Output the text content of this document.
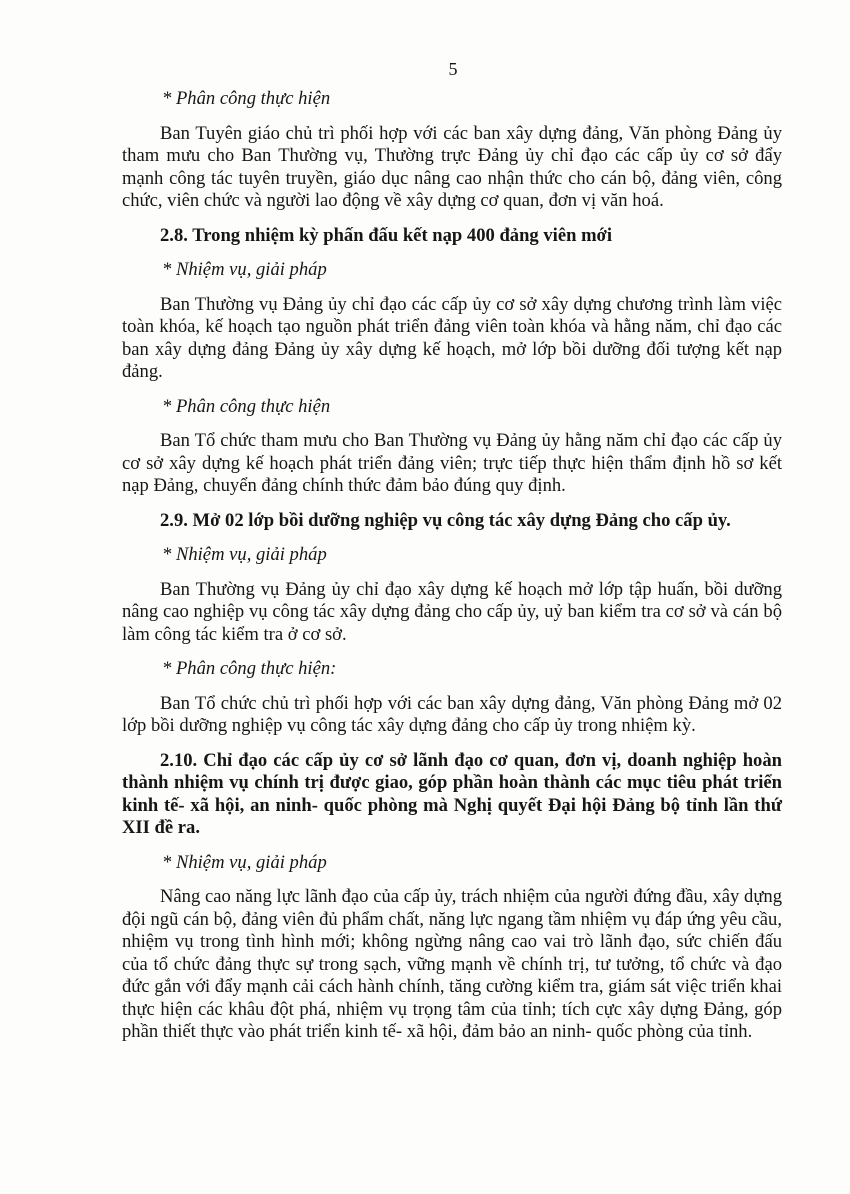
5
* Phân công thực hiện
Ban Tuyên giáo chủ trì phối hợp với các ban xây dựng đảng, Văn phòng Đảng ủy tham mưu cho Ban Thường vụ, Thường trực Đảng ủy chỉ đạo các cấp ủy cơ sở đẩy mạnh công tác tuyên truyền, giáo dục nâng cao nhận thức cho cán bộ, đảng viên, công chức, viên chức và người lao động về xây dựng cơ quan, đơn vị văn hoá.
2.8. Trong nhiệm kỳ phấn đấu kết nạp 400 đảng viên mới
* Nhiệm vụ, giải pháp
Ban Thường vụ Đảng ủy chỉ đạo các cấp ủy cơ sở xây dựng chương trình làm việc toàn khóa, kế hoạch tạo nguồn phát triển đảng viên toàn khóa và hằng năm, chỉ đạo các ban xây dựng đảng Đảng ủy xây dựng kế hoạch, mở lớp bồi dưỡng đối tượng kết nạp đảng.
* Phân công thực hiện
Ban Tổ chức tham mưu cho Ban Thường vụ Đảng ủy hằng năm chỉ đạo các cấp ủy cơ sở xây dựng kế hoạch phát triển đảng viên; trực tiếp thực hiện thẩm định hồ sơ kết nạp Đảng, chuyển đảng chính thức đảm bảo đúng quy định.
2.9. Mở 02 lớp bồi dưỡng nghiệp vụ công tác xây dựng Đảng cho cấp ủy.
* Nhiệm vụ, giải pháp
Ban Thường vụ Đảng ủy chỉ đạo xây dựng kế hoạch mở lớp tập huấn, bồi dưỡng nâng cao nghiệp vụ công tác xây dựng đảng cho cấp ủy, uỷ ban kiểm tra cơ sở và cán bộ làm công tác kiểm tra ở cơ sở.
* Phân công thực hiện:
Ban Tổ chức chủ trì phối hợp với các ban xây dựng đảng, Văn phòng Đảng mở 02 lớp bồi dưỡng nghiệp vụ công tác xây dựng đảng cho cấp ủy trong nhiệm kỳ.
2.10. Chỉ đạo các cấp ủy cơ sở lãnh đạo cơ quan, đơn vị, doanh nghiệp hoàn thành nhiệm vụ chính trị được giao, góp phần hoàn thành các mục tiêu phát triển kinh tế- xã hội, an ninh- quốc phòng mà Nghị quyết Đại hội Đảng bộ tỉnh lần thứ XII đề ra.
* Nhiệm vụ, giải pháp
Nâng cao năng lực lãnh đạo của cấp ủy, trách nhiệm của người đứng đầu, xây dựng đội ngũ cán bộ, đảng viên đủ phẩm chất, năng lực ngang tầm nhiệm vụ đáp ứng yêu cầu, nhiệm vụ trong tình hình mới; không ngừng nâng cao vai trò lãnh đạo, sức chiến đấu của tổ chức đảng thực sự trong sạch, vững mạnh về chính trị, tư tưởng, tổ chức và đạo đức gắn với đẩy mạnh cải cách hành chính, tăng cường kiểm tra, giám sát việc triển khai thực hiện các khâu đột phá, nhiệm vụ trọng tâm của tỉnh; tích cực xây dựng Đảng, góp phần thiết thực vào phát triển kinh tế- xã hội, đảm bảo an ninh- quốc phòng của tỉnh.
